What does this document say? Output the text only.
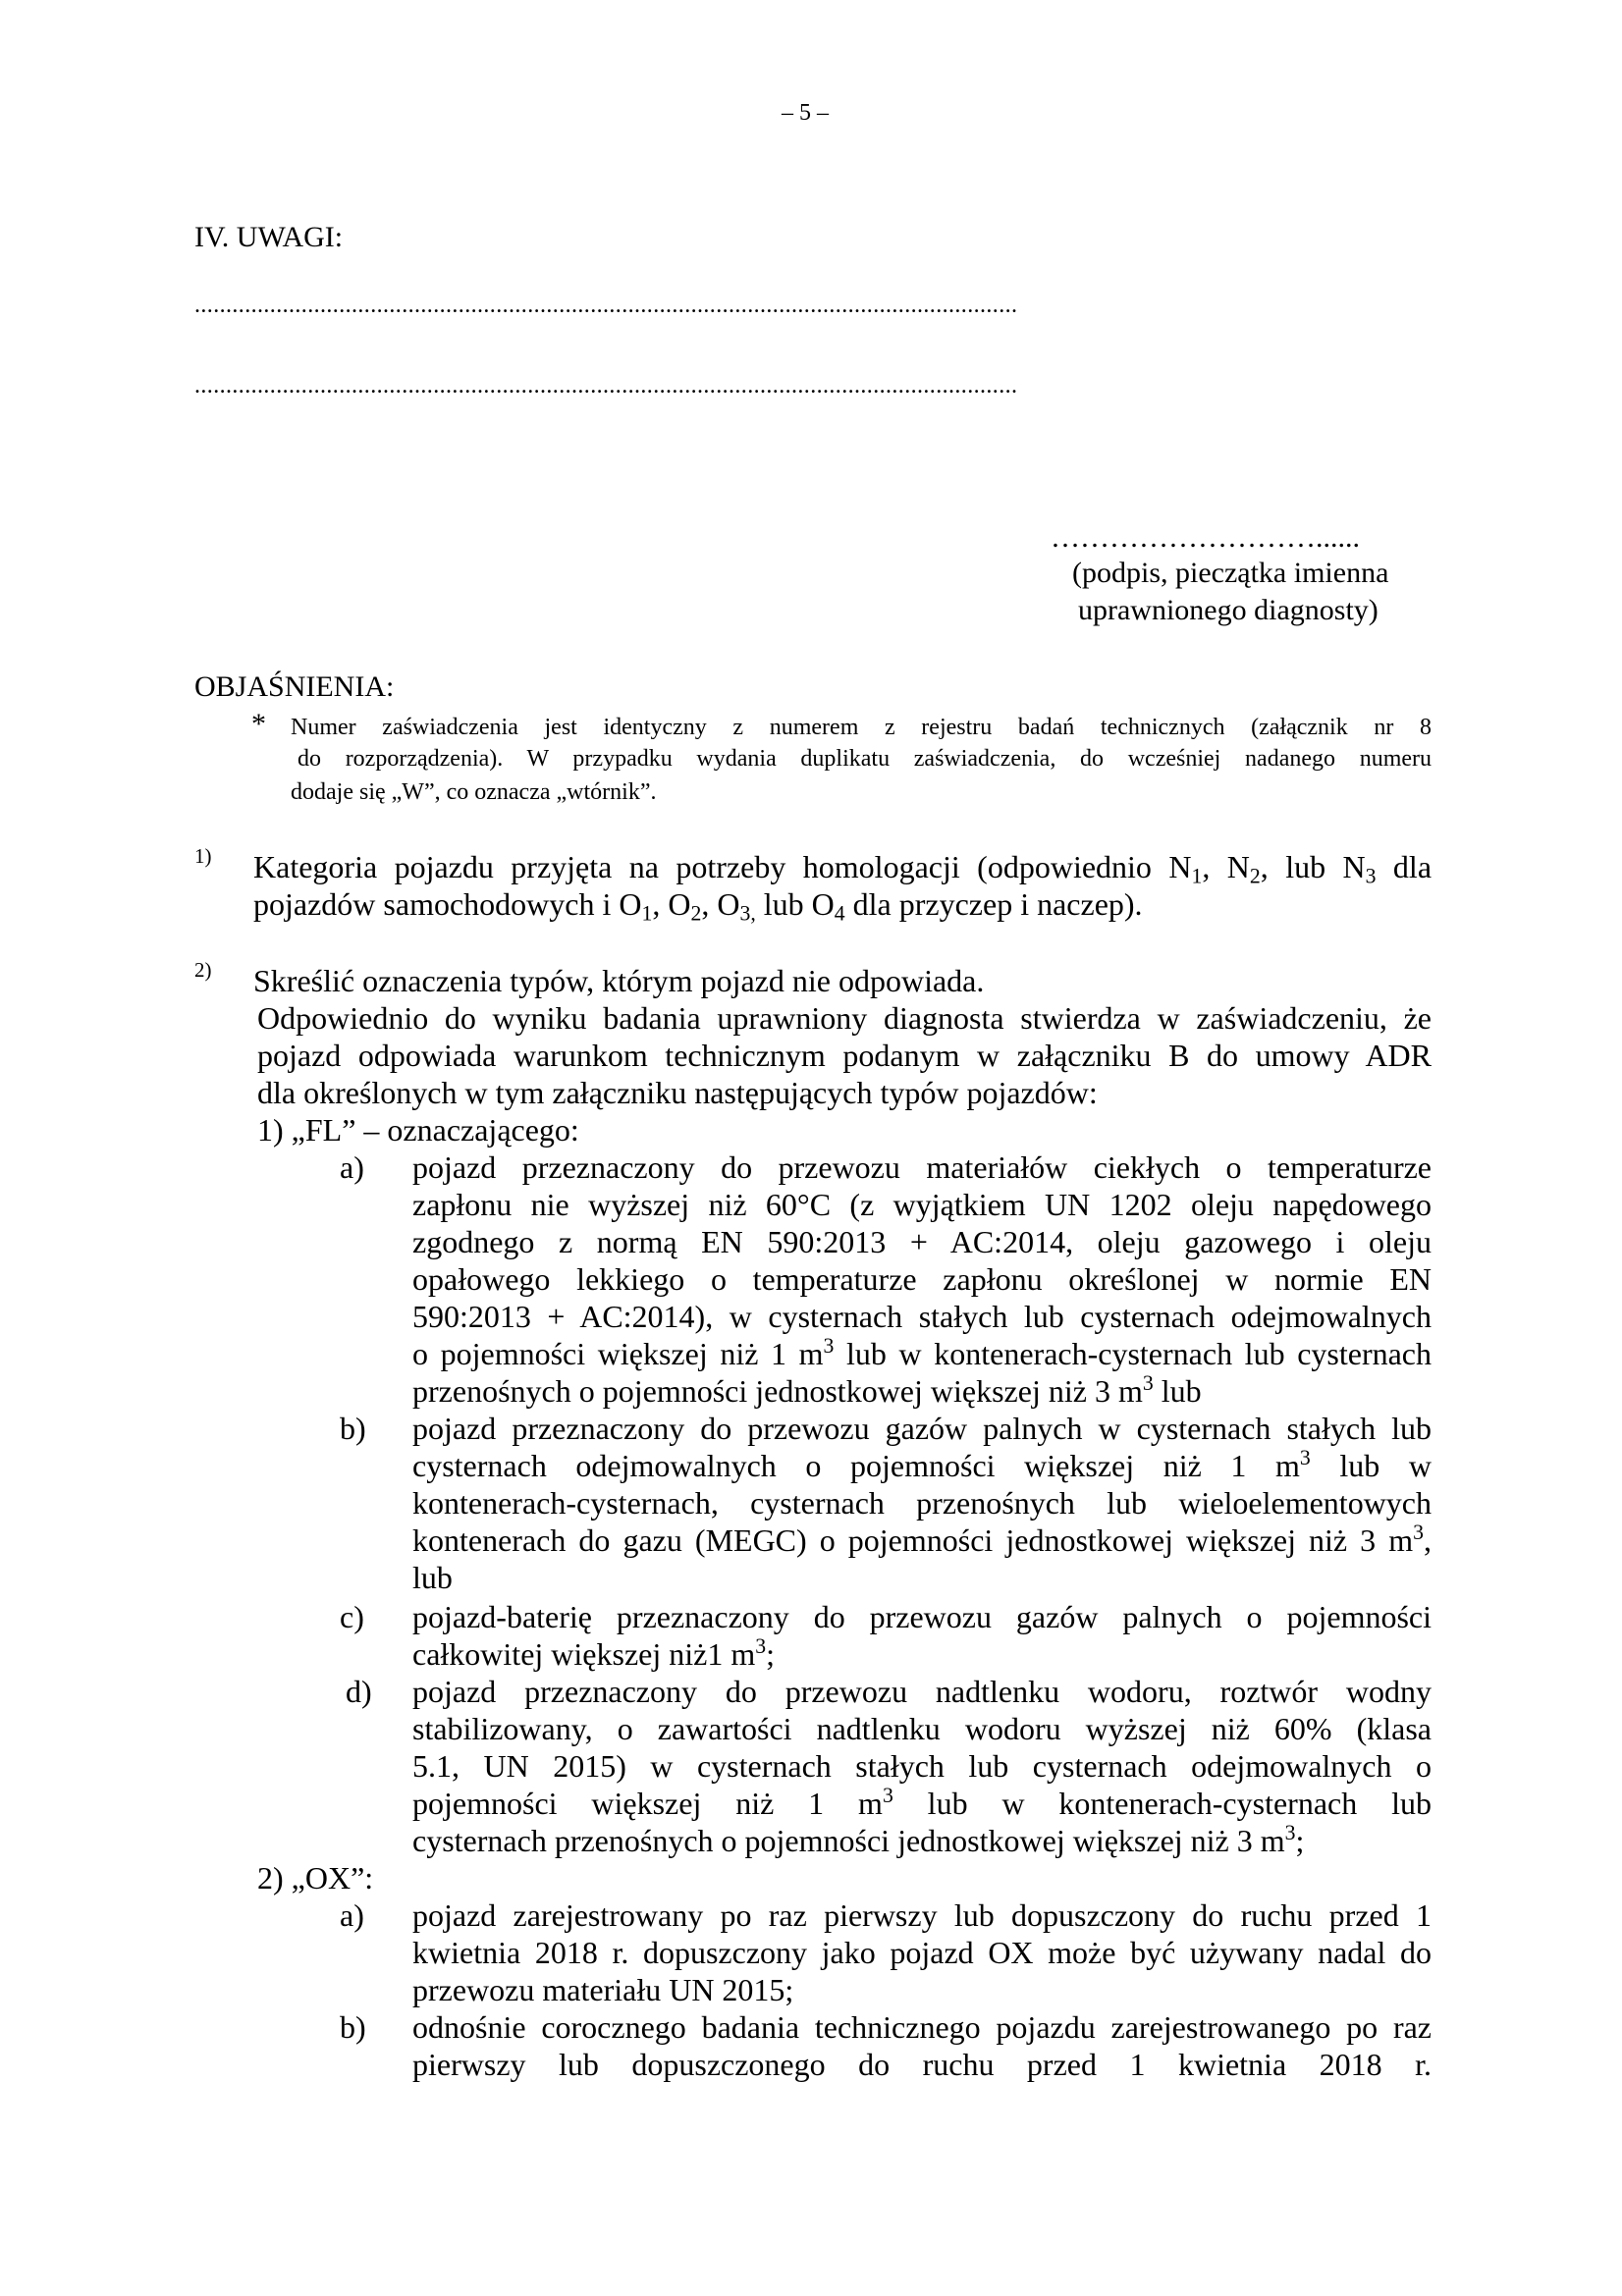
– 5 –
IV. UWAGI:
...................................................................................................................................
...................................................................................................................................
………………………......
(podpis, pieczątka imienna
uprawnionego diagnosty)
OBJAŚNIENIA:
* Numer zaświadczenia jest identyczny z numerem z rejestru badań technicznych (załącznik nr 8
do rozporządzenia). W przypadku wydania duplikatu zaświadczenia, do wcześniej nadanego numeru
dodaje się „W”, co oznacza „wtórnik”.
1) Kategoria pojazdu przyjęta na potrzeby homologacji (odpowiednio $N_1$, $N_2$, lub $N_3$ dla
pojazdów samochodowych i $O_1$, $O_2$, $O_{3,}$ lub $O_4$ dla przyczep i naczep).
2) Skreślić oznaczenia typów, którym pojazd nie odpowiada.
Odpowiednio do wyniku badania uprawniony diagnosta stwierdza w zaświadczeniu, że
pojazd odpowiada warunkom technicznym podanym w załączniku B do umowy ADR
dla określonych w tym załączniku następujących typów pojazdów:
1) „FL” – oznaczającego:
a) pojazd przeznaczony do przewozu materiałów ciekłych o temperaturze
zapłonu nie wyższej niż 60°C (z wyjątkiem UN 1202 oleju napędowego
zgodnego z normą EN 590:2013 + AC:2014, oleju gazowego i oleju
opałowego lekkiego o temperaturze zapłonu określonej w normie EN
590:2013 + AC:2014), w cysternach stałych lub cysternach odejmowalnych
o pojemności większej niż 1 $m^3$ lub w kontenerach-cysternach lub cysternach
przenośnych o pojemności jednostkowej większej niż 3 $m^3$ lub
b) pojazd przeznaczony do przewozu gazów palnych w cysternach stałych lub
cysternach odejmowalnych o pojemności większej niż 1 $m^3$ lub w
kontenerach-cysternach, cysternach przenośnych lub wieloelementowych
kontenerach do gazu (MEGC) o pojemności jednostkowej większej niż 3 $m^3$,
lub
c) pojazd-baterię przeznaczony do przewozu gazów palnych o pojemności
całkowitej większej niż1 $m^3$;
d) pojazd przeznaczony do przewozu nadtlenku wodoru, roztwór wodny
stabilizowany, o zawartości nadtlenku wodoru wyższej niż 60% (klasa
5.1, UN 2015) w cysternach stałych lub cysternach odejmowalnych o
pojemności większej niż 1 $m^3$ lub w kontenerach-cysternach lub
cysternach przenośnych o pojemności jednostkowej większej niż 3 $m^3$;
2) „OX”:
a) pojazd zarejestrowany po raz pierwszy lub dopuszczony do ruchu przed 1
kwietnia 2018 r. dopuszczony jako pojazd OX może być używany nadal do
przewozu materiału UN 2015;
b) odnośnie corocznego badania technicznego pojazdu zarejestrowanego po raz
pierwszy lub dopuszczonego do ruchu przed 1 kwietnia 2018 r.
